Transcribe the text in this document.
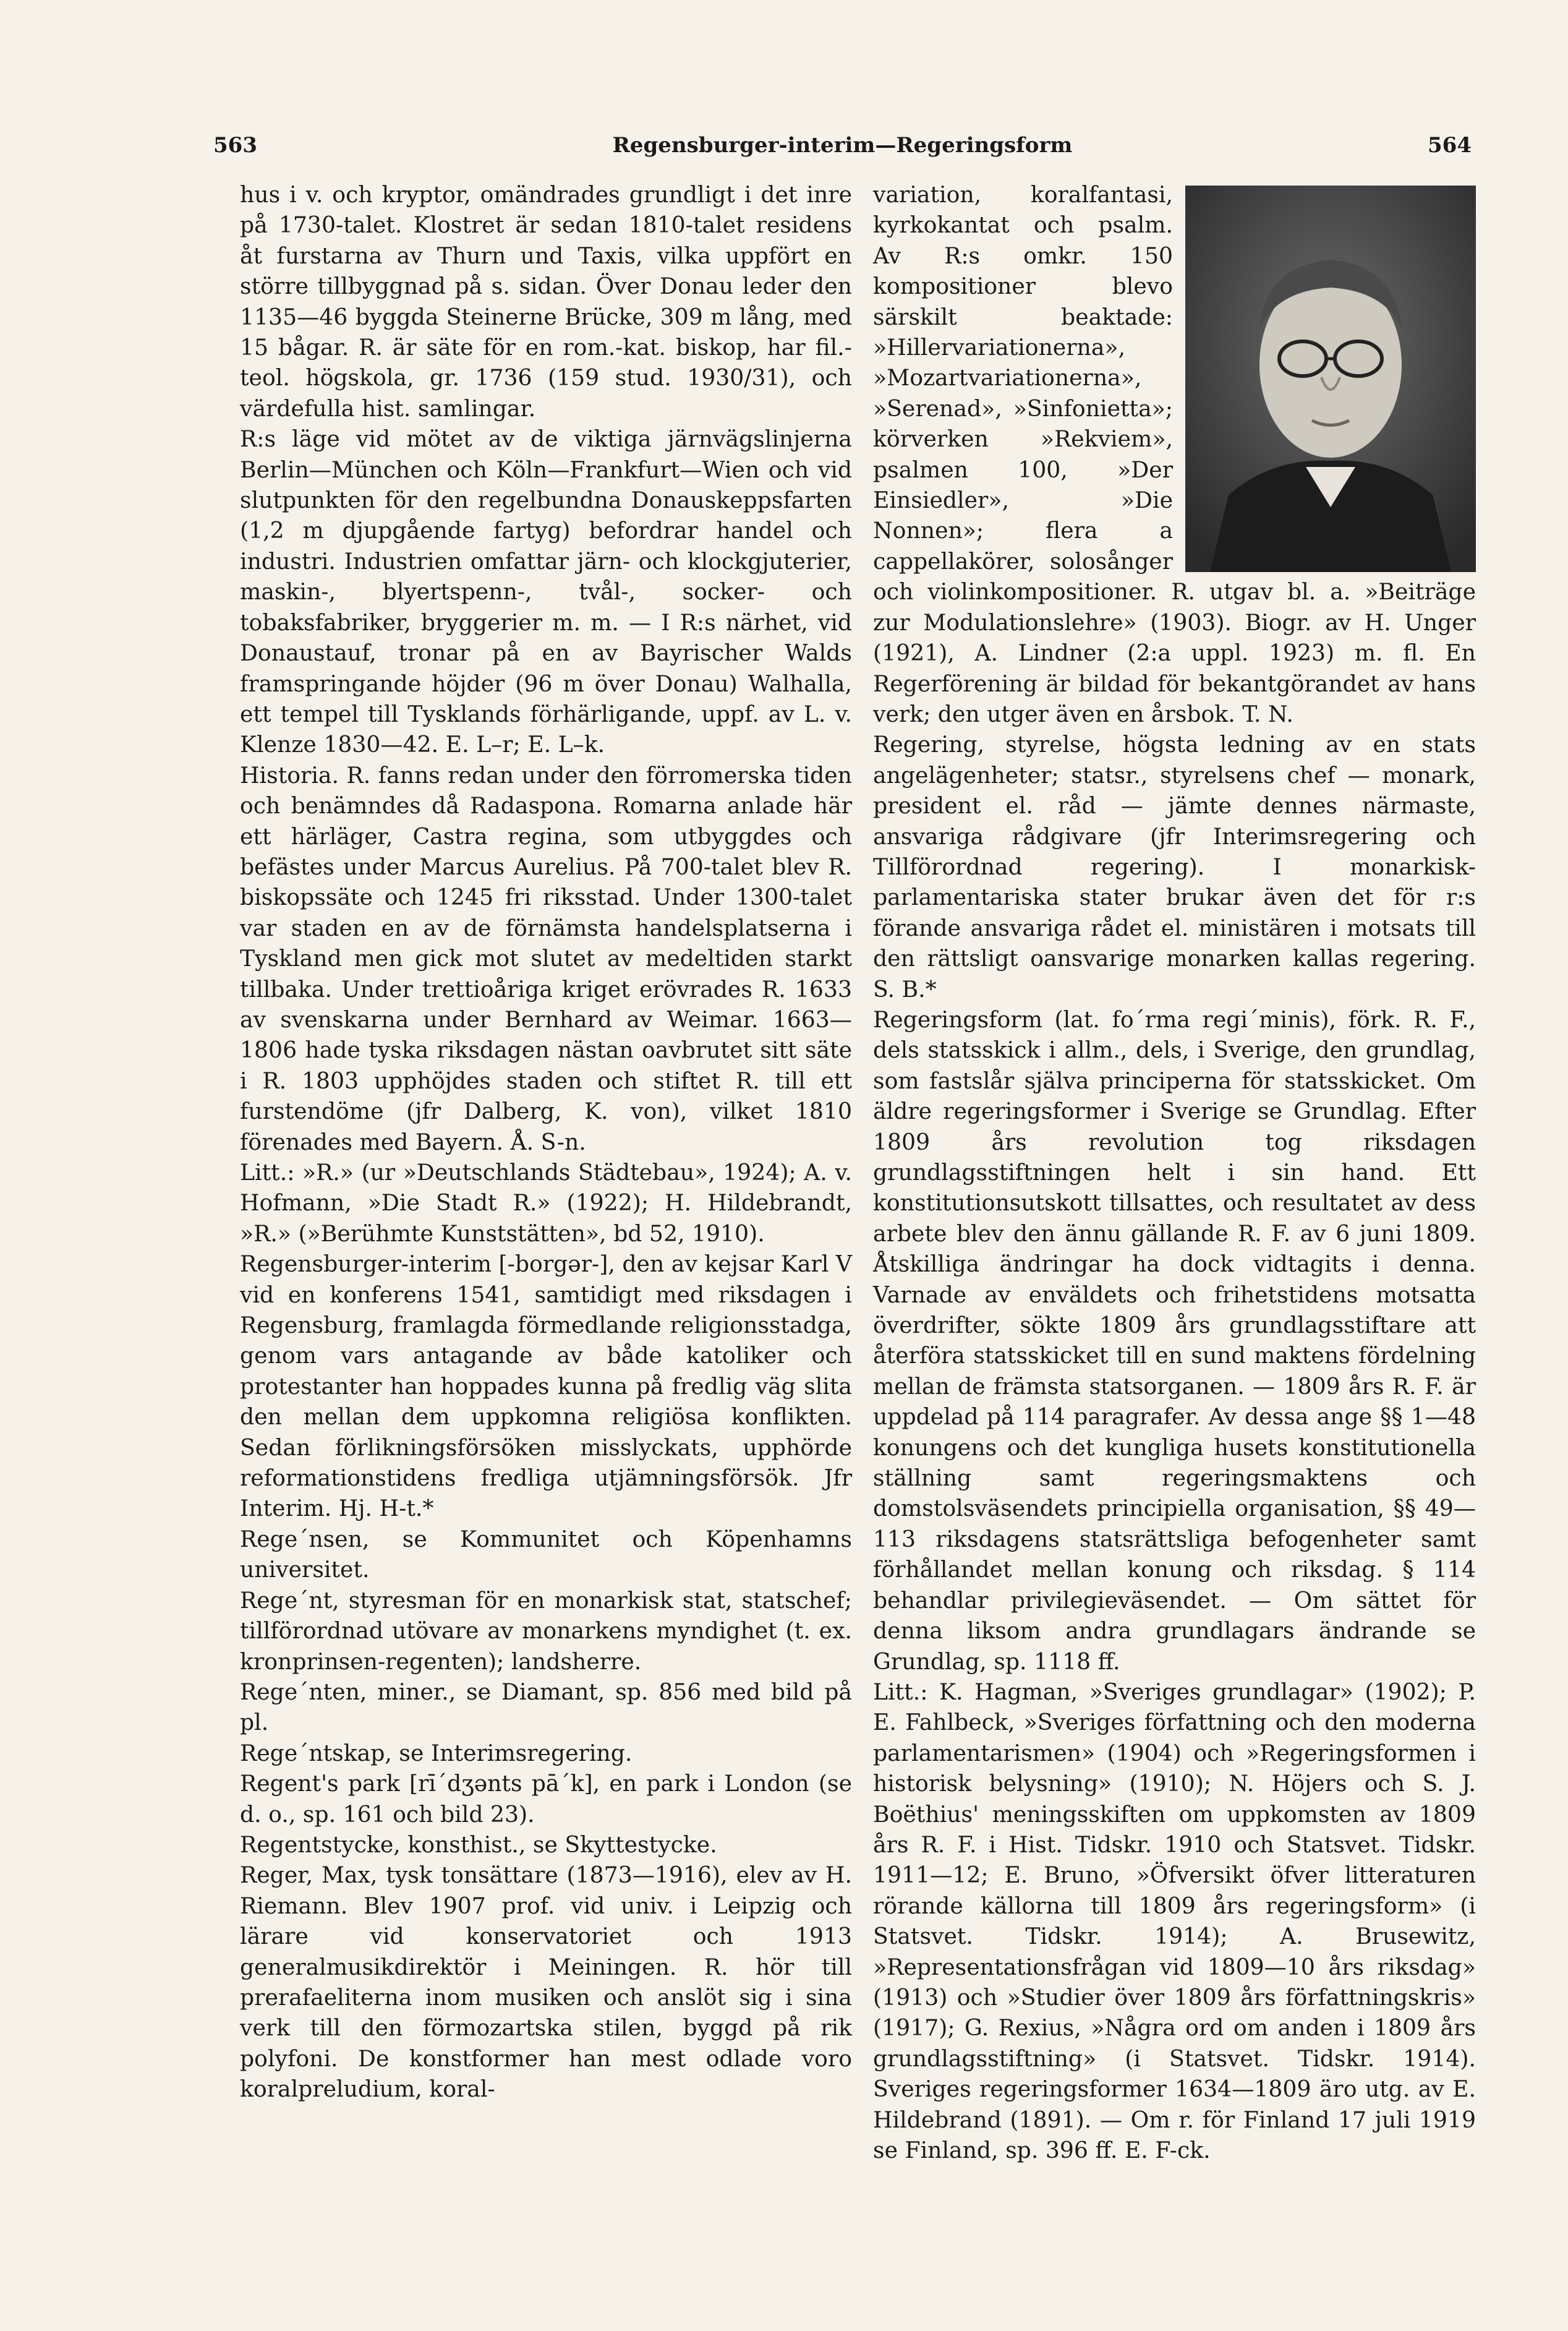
563	Regensburger-interim—Regeringsform	564

hus i v. och kryptor, omändrades grundligt i det inre på 1730-talet. Klostret är sedan 1810-talet residens åt furstarna av Thurn und Taxis, vilka uppfört en större tillbyggnad på s. sidan. Över Donau leder den 1135—46 byggda Steinerne Brücke, 309 m lång, med 15 bågar. R. är säte för en rom.-kat. biskop, har fil.-teol. högskola, gr. 1736 (159 stud. 1930/31), och värdefulla hist. samlingar.

R:s läge vid mötet av de viktiga järnvägslinjerna Berlin—München och Köln—Frankfurt—Wien och vid slutpunkten för den regelbundna Donauskeppsfarten (1,2 m djupgående fartyg) befordrar handel och industri. Industrien omfattar järn- och klockgjuterier, maskin-, blyertspenn-, tvål-, socker- och tobaksfabriker, bryggerier m. m. — I R:s närhet, vid Donaustauf, tronar på en av Bayrischer Walds framspringande höjder (96 m över Donau) Walhalla, ett tempel till Tysklands förhärligande, uppf. av L. v. Klenze 1830—42. E. L–r; E. L–k.

Historia. R. fanns redan under den förromerska tiden och benämndes då Radaspona. Romarna anlade här ett härläger, Castra regina, som utbyggdes och befästes under Marcus Aurelius. På 700-talet blev R. biskopssäte och 1245 fri riksstad. Under 1300-talet var staden en av de förnämsta handelsplatserna i Tyskland men gick mot slutet av medeltiden starkt tillbaka. Under trettioåriga kriget erövrades R. 1633 av svenskarna under Bernhard av Weimar. 1663—1806 hade tyska riksdagen nästan oavbrutet sitt säte i R. 1803 upphöjdes staden och stiftet R. till ett furstendöme (jfr Dalberg, K. von), vilket 1810 förenades med Bayern. Å. S-n.

Litt.: »R.» (ur »Deutschlands Städtebau», 1924); A. v. Hofmann, »Die Stadt R.» (1922); H. Hildebrandt, »R.» (»Berühmte Kunststätten», bd 52, 1910).

Regensburger-interim [-borgər-], den av kejsar Karl V vid en konferens 1541, samtidigt med riksdagen i Regensburg, framlagda förmedlande religionsstadga, genom vars antagande av både katoliker och protestanter han hoppades kunna på fredlig väg slita den mellan dem uppkomna religiösa konflikten. Sedan förlikningsförsöken misslyckats, upphörde reformationstidens fredliga utjämningsförsök. Jfr Interim. Hj. H-t.*

Rege´nsen, se Kommunitet och Köpenhamns universitet.

Rege´nt, styresman för en monarkisk stat, statschef; tillförordnad utövare av monarkens myndighet (t. ex. kronprinsen-regenten); landsherre.

Rege´nten, miner., se Diamant, sp. 856 med bild på pl.

Rege´ntskap, se Interimsregering.

Regent's park [rī´dʒənts pā´k], en park i London (se d. o., sp. 161 och bild 23).

Regentstycke, konsthist., se Skyttestycke.

Reger, Max, tysk tonsättare (1873—1916), elev av H. Riemann. Blev 1907 prof. vid univ. i Leipzig och lärare vid konservatoriet och 1913 generalmusikdirektör i Meiningen. R. hör till prerafaeliterna inom musiken och anslöt sig i sina verk till den förmozartska stilen, byggd på rik polyfoni. De konstformer han mest odlade voro koralpreludium, koral-

variation, koralfantasi, kyrkokantat och psalm. Av R:s omkr. 150 kompositioner blevo särskilt beaktade: »Hillervariationerna», »Mozartvariationerna», »Serenad», »Sinfonietta»; körverken »Rekviem», psalmen 100, »Der Einsiedler», »Die Nonnen»; flera a cappellakörer, solosånger och violinkompositioner. R. utgav bl. a. »Beiträge zur Modulationslehre» (1903). Biogr. av H. Unger (1921), A. Lindner (2:a uppl. 1923) m. fl. En Regerförening är bildad för bekantgörandet av hans verk; den utger även en årsbok. T. N.

Regering, styrelse, högsta ledning av en stats angelägenheter; statsr., styrelsens chef — monark, president el. råd — jämte dennes närmaste, ansvariga rådgivare (jfr Interimsregering och Tillförordnad regering). I monarkisk-parlamentariska stater brukar även det för r:s förande ansvariga rådet el. ministären i motsats till den rättsligt oansvarige monarken kallas regering. S. B.*

Regeringsform (lat. fo´rma regi´minis), förk. R. F., dels statsskick i allm., dels, i Sverige, den grundlag, som fastslår själva principerna för statsskicket. Om äldre regeringsformer i Sverige se Grundlag. Efter 1809 års revolution tog riksdagen grundlagsstiftningen helt i sin hand. Ett konstitutionsutskott tillsattes, och resultatet av dess arbete blev den ännu gällande R. F. av 6 juni 1809. Åtskilliga ändringar ha dock vidtagits i denna. Varnade av enväldets och frihetstidens motsatta överdrifter, sökte 1809 års grundlagsstiftare att återföra statsskicket till en sund maktens fördelning mellan de främsta statsorganen. — 1809 års R. F. är uppdelad på 114 paragrafer. Av dessa ange §§ 1—48 konungens och det kungliga husets konstitutionella ställning samt regeringsmaktens och domstolsväsendets principiella organisation, §§ 49—113 riksdagens statsrättsliga befogenheter samt förhållandet mellan konung och riksdag. § 114 behandlar privilegieväsendet. — Om sättet för denna liksom andra grundlagars ändrande se Grundlag, sp. 1118 ff.

Litt.: K. Hagman, »Sveriges grundlagar» (1902); P. E. Fahlbeck, »Sveriges författning och den moderna parlamentarismen» (1904) och »Regeringsformen i historisk belysning» (1910); N. Höjers och S. J. Boëthius' meningsskiften om uppkomsten av 1809 års R. F. i Hist. Tidskr. 1910 och Statsvet. Tidskr. 1911—12; E. Bruno, »Öfversikt öfver litteraturen rörande källorna till 1809 års regeringsform» (i Statsvet. Tidskr. 1914); A. Brusewitz, »Representationsfrågan vid 1809—10 års riksdag» (1913) och »Studier över 1809 års författningskris» (1917); G. Rexius, »Några ord om anden i 1809 års grundlagsstiftning» (i Statsvet. Tidskr. 1914). Sveriges regeringsformer 1634—1809 äro utg. av E. Hildebrand (1891). — Om r. för Finland 17 juli 1919 se Finland, sp. 396 ff. E. F-ck.
